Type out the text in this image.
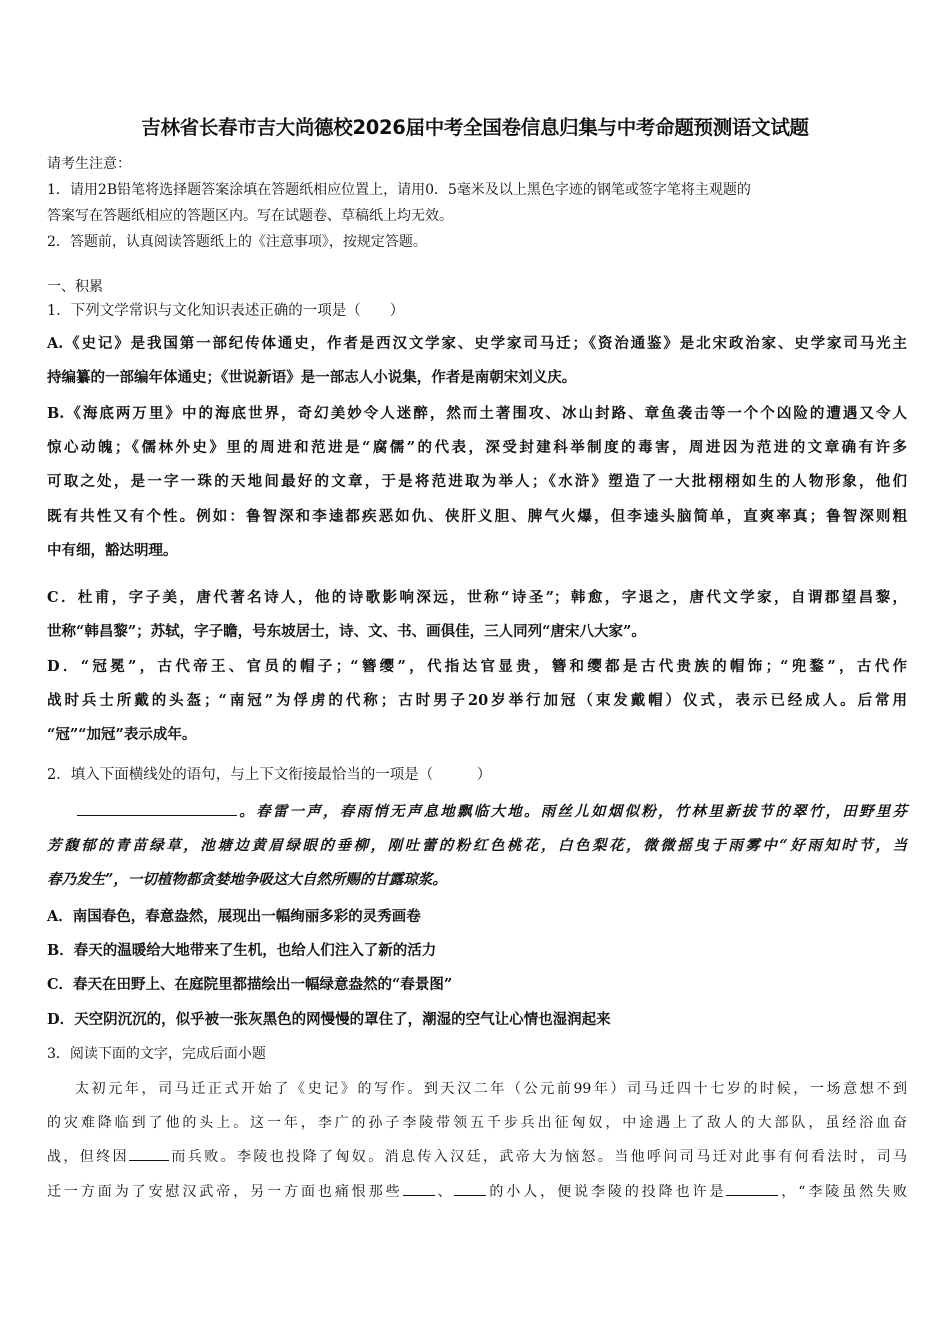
吉林省长春市吉大尚德校2026届中考全国卷信息归集与中考命题预测语文试题
请考生注意：
1．请用2B铅笔将选择题答案涂填在答题纸相应位置上，请用0．5毫米及以上黑色字迹的钢笔或签字笔将主观题的
答案写在答题纸相应的答题区内。写在试题卷、草稿纸上均无效。
2．答题前，认真阅读答题纸上的《注意事项》，按规定答题。
一、积累
1．下列文学常识与文化知识表述正确的一项是（　　）
A.《史记》是我国第一部纪传体通史，作者是西汉文学家、史学家司马迁；《资治通鉴》是北宋政治家、史学家司马光主
持编纂的一部编年体通史；《世说新语》是一部志人小说集，作者是南朝宋刘义庆。
B.《海底两万里》中的海底世界，奇幻美妙令人迷醉，然而土著围攻、冰山封路、章鱼袭击等一个个凶险的遭遇又令人
惊心动魄；《儒林外史》里的周进和范进是“腐儒”的代表，深受封建科举制度的毒害，周进因为范进的文章确有许多
可取之处，是一字一珠的天地间最好的文章，于是将范进取为举人；《水浒》塑造了一大批栩栩如生的人物形象，他们
既有共性又有个性。例如：鲁智深和李逵都疾恶如仇、侠肝义胆、脾气火爆，但李逵头脑简单，直爽率真；鲁智深则粗
中有细，豁达明理。
C．杜甫，字子美，唐代著名诗人，他的诗歌影响深远，世称“诗圣”；韩愈，字退之，唐代文学家，自谓郡望昌黎，
世称“韩昌黎”；苏轼，字子瞻，号东坡居士，诗、文、书、画俱佳，三人同列“唐宋八大家”。
D．“冠冕”，古代帝王、官员的帽子；“簪缨”，代指达官显贵，簪和缨都是古代贵族的帽饰；“兜鍪”，古代作
战时兵士所戴的头盔；“南冠”为俘虏的代称；古时男子20岁举行加冠（束发戴帽）仪式，表示已经成人。后常用
“冠”“加冠”表示成年。
2．填入下面横线处的语句，与上下文衔接最恰当的一项是（　　　）
。春雷一声，春雨悄无声息地飘临大地。雨丝儿如烟似粉，竹林里新拔节的翠竹，田野里芬
芳馥郁的青苗绿草，池塘边黄眉绿眼的垂柳，刚吐蕾的粉红色桃花，白色梨花，微微摇曳于雨雾中“好雨知时节，当
春乃发生”，一切植物都贪婪地争吸这大自然所赐的甘露琼浆。
A．南国春色，春意盎然，展现出一幅绚丽多彩的灵秀画卷
B．春天的温暖给大地带来了生机，也给人们注入了新的活力
C．春天在田野上、在庭院里都描绘出一幅绿意盎然的“春景图”
D．天空阴沉沉的，似乎被一张灰黑色的网慢慢的罩住了，潮湿的空气让心情也湿润起来
3．阅读下面的文字，完成后面小题
太初元年，司马迁正式开始了《史记》的写作。到天汉二年（公元前99年）司马迁四十七岁的时候，一场意想不到
的灾难降临到了他的头上。这一年，李广的孙子李陵带领五千步兵出征匈奴，中途遇上了敌人的大部队，虽经浴血奋
战，但终因	而兵败。李陵也投降了匈奴。消息传入汉廷，武帝大为恼怒。当他呼问司马迁对此事有何看法时，司马
迁一方面为了安慰汉武帝，另一方面也痛恨那些 、 的小人，便说李陵的投降也许是	，“李陵虽然失败
